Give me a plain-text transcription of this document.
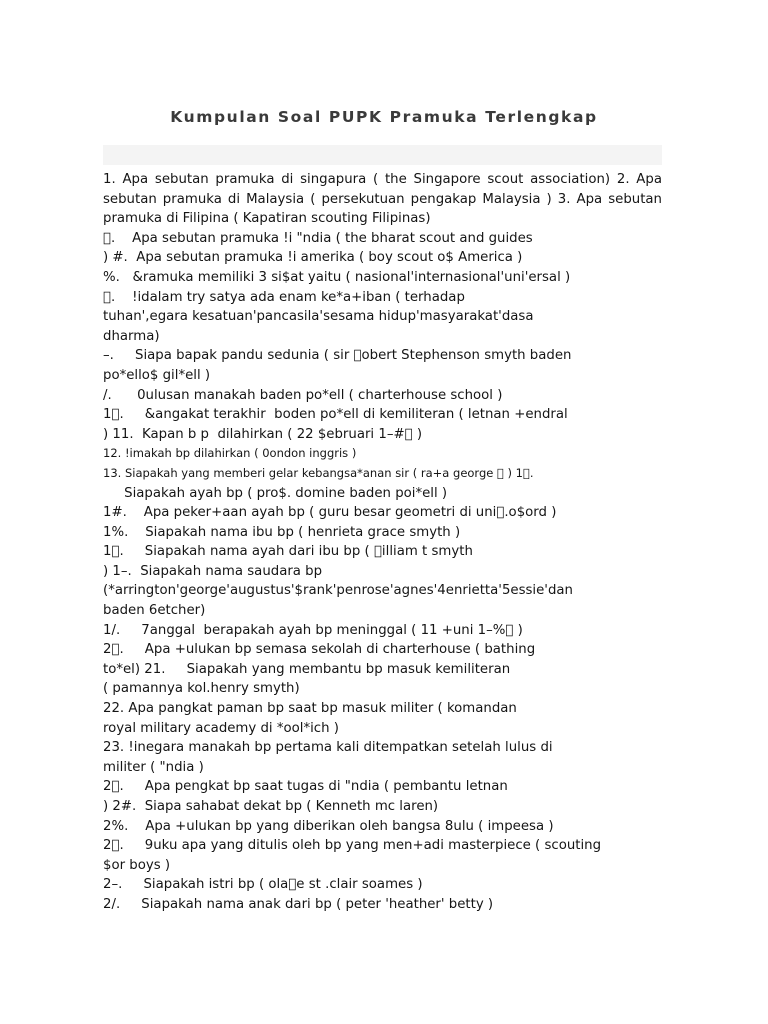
Kumpulan Soal PUPK Pramuka Terlengkap
1. Apa sebutan pramuka di singapura ( the Singapore scout association) 2. Apa sebutan pramuka di Malaysia ( persekutuan pengakap Malaysia ) 3. Apa sebutan pramuka di Filipina ( Kapatiran scouting Filipinas)
 .    Apa sebutan pramuka !i "ndia ( the bharat scout and guides
) #.  Apa sebutan pramuka !i amerika ( boy scout o$ America )
%.   &ramuka memiliki 3 si$at yaitu ( nasional'internasional'uni'ersal )
 .    !idalam try satya ada enam ke*a+iban ( terhadap
tuhan',egara kesatuan'pancasila'sesama hidup'masyarakat'dasa
dharma)
–.     Siapa bapak pandu sedunia ( sir  obert Stephenson smyth baden
po*ello$ gil*ell )
/.      0ulusan manakah baden po*ell ( charterhouse school )
1 .     &angakat terakhir  boden po*ell di kemiliteran ( letnan +endral
) 11.  Kapan b p  dilahirkan ( 22 $ebruari 1–#  )
12. !imakah bp dilahirkan ( 0ondon inggris )
13. Siapakah yang memberi gelar kebangsa*anan sir ( ra+a george   ) 1 .
Siapakah ayah bp ( pro$. domine baden poi*ell )
1#.    Apa peker+aan ayah bp ( guru besar geometri di uni .o$ord )
1%.    Siapakah nama ibu bp ( henrieta grace smyth )
1 .     Siapakah nama ayah dari ibu bp ( ⓢilliam t smyth
) 1–.  Siapakah nama saudara bp
(*arrington'george'augustus'$rank'penrose'agnes'4enrietta'5essie'dan
baden 6etcher)
1/.     7anggal  berapakah ayah bp meninggal ( 11 +uni 1–%  )
2 .     Apa +ulukan bp semasa sekolah di charterhouse ( bathing
to*el) 21.     Siapakah yang membantu bp masuk kemiliteran
( pamannya kol.henry smyth)
22. Apa pangkat paman bp saat bp masuk militer ( komandan
royal military academy di *ool*ich )
23. !inegara manakah bp pertama kali ditempatkan setelah lulus di
militer ( "ndia )
2 .     Apa pengkat bp saat tugas di "ndia ( pembantu letnan
) 2#.  Siapa sahabat dekat bp ( Kenneth mc laren)
2%.    Apa +ulukan bp yang diberikan oleh bangsa 8ulu ( impeesa )
2 .     9uku apa yang ditulis oleh bp yang men+adi masterpiece ( scouting
$or boys )
2–.     Siapakah istri bp ( ola e st .clair soames )
2/.     Siapakah nama anak dari bp ( peter 'heather' betty )
